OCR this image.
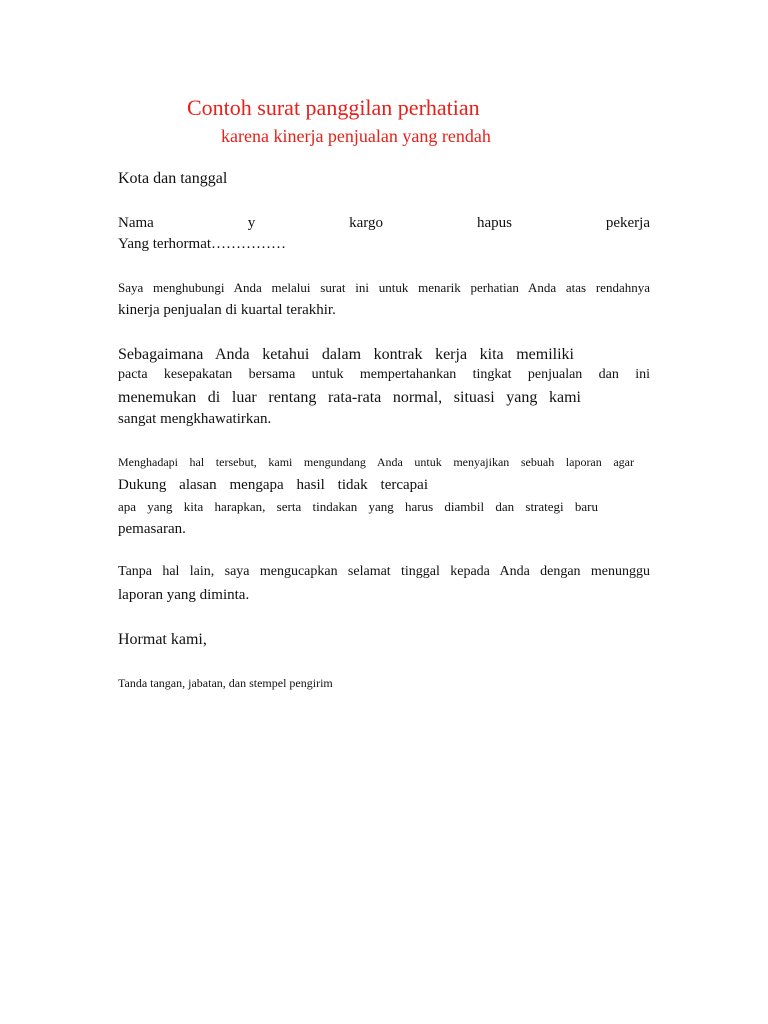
Contoh surat panggilan perhatian
karena kinerja penjualan yang rendah
Kota dan tanggal
Nama	y	kargo	hapus	pekerja
Yang terhormat……………
Saya menghubungi Anda melalui surat ini untuk menarik perhatian Anda atas rendahnya
kinerja penjualan di kuartal terakhir.
Sebagaimana Anda ketahui dalam kontrak kerja kita memiliki
pacta kesepakatan bersama untuk mempertahankan tingkat penjualan dan ini
menemukan di luar rentang rata-rata normal, situasi yang kami
sangat mengkhawatirkan.
Menghadapi hal tersebut, kami mengundang Anda untuk menyajikan sebuah laporan agar
Dukung alasan mengapa hasil tidak tercapai
apa yang kita harapkan, serta tindakan yang harus diambil dan strategi baru
pemasaran.
Tanpa hal lain, saya mengucapkan selamat tinggal kepada Anda dengan menunggu
laporan yang diminta.
Hormat kami,
Tanda tangan, jabatan, dan stempel pengirim
